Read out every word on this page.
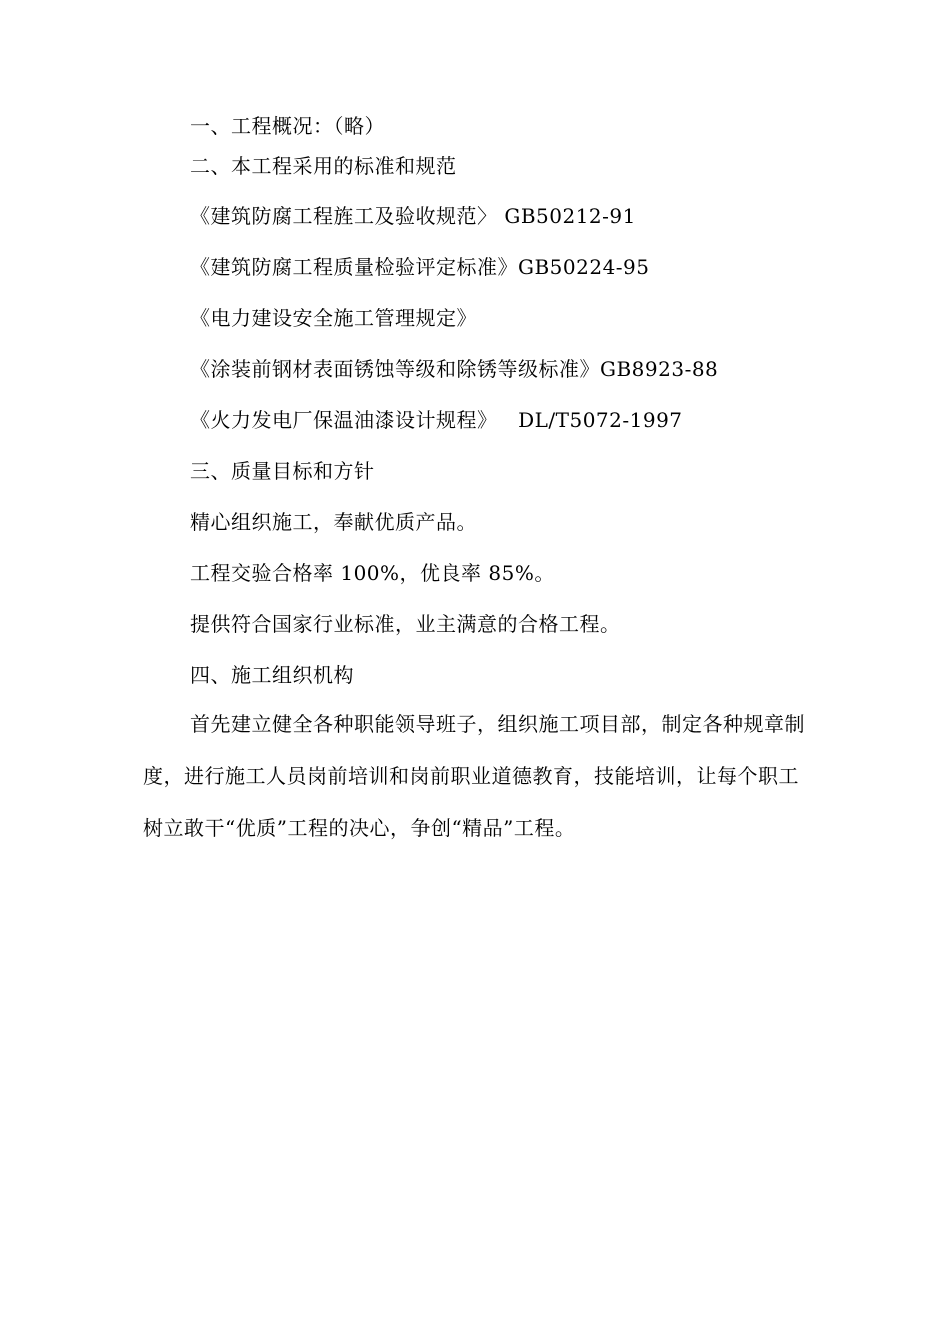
一、工程概况：（略）
二、本工程采用的标准和规范
《建筑防腐工程旌工及验收规范〉 GB50212-91
《建筑防腐工程质量检验评定标准》GB50224-95
《电力建设安全施工管理规定》
《涂装前钢材表面锈蚀等级和除锈等级标准》GB8923-88
《火力发电厂保温油漆设计规程》   DL/T5072-1997
三、质量目标和方针
精心组织施工，奉献优质产品。
工程交验合格率 100%，优良率 85%。
提供符合国家行业标准，业主满意的合格工程。
四、施工组织机构
首先建立健全各种职能领导班子，组织施工项目部，制定各种规章制度，进行施工人员岗前培训和岗前职业道德教育，技能培训，让每个职工树立敢干“优质”工程的决心，争创“精品”工程。
